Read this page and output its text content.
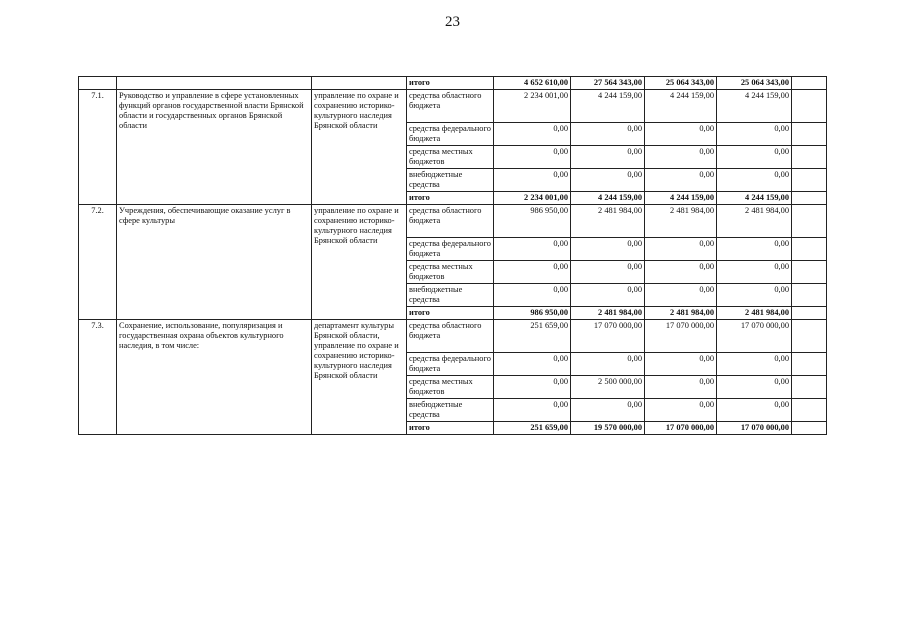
23
			итого	4 652 610,00	27 564 343,00	25 064 343,00	25 064 343,00	
7.1.	Руководство и управление в сфере установленных функций органов государственной власти Брянской области и государственных органов Брянской области	управление по охране и сохранению историко-культурного наследия Брянской области	средства областного бюджета	2 234 001,00	4 244 159,00	4 244 159,00	4 244 159,00	
			средства федерального бюджета	0,00	0,00	0,00	0,00	
			средства местных бюджетов	0,00	0,00	0,00	0,00	
			внебюджетные средства	0,00	0,00	0,00	0,00	
			итого	2 234 001,00	4 244 159,00	4 244 159,00	4 244 159,00	
7.2.	Учреждения, обеспечивающие оказание услуг в сфере культуры	управление по охране и сохранению историко-культурного наследия Брянской области	средства областного бюджета	986 950,00	2 481 984,00	2 481 984,00	2 481 984,00	
			средства федерального бюджета	0,00	0,00	0,00	0,00	
			средства местных бюджетов	0,00	0,00	0,00	0,00	
			внебюджетные средства	0,00	0,00	0,00	0,00	
			итого	986 950,00	2 481 984,00	2 481 984,00	2 481 984,00	
7.3.	Сохранение, использование, популяризация и государственная охрана объектов культурного наследия, в том числе:	департамент культуры Брянской области, управление по охране и сохранению историко-культурного наследия Брянской области	средства областного бюджета	251 659,00	17 070 000,00	17 070 000,00	17 070 000,00	
			средства федерального бюджета	0,00	0,00	0,00	0,00	
			средства местных бюджетов	0,00	2 500 000,00	0,00	0,00	
			внебюджетные средства	0,00	0,00	0,00	0,00	
			итого	251 659,00	19 570 000,00	17 070 000,00	17 070 000,00	
